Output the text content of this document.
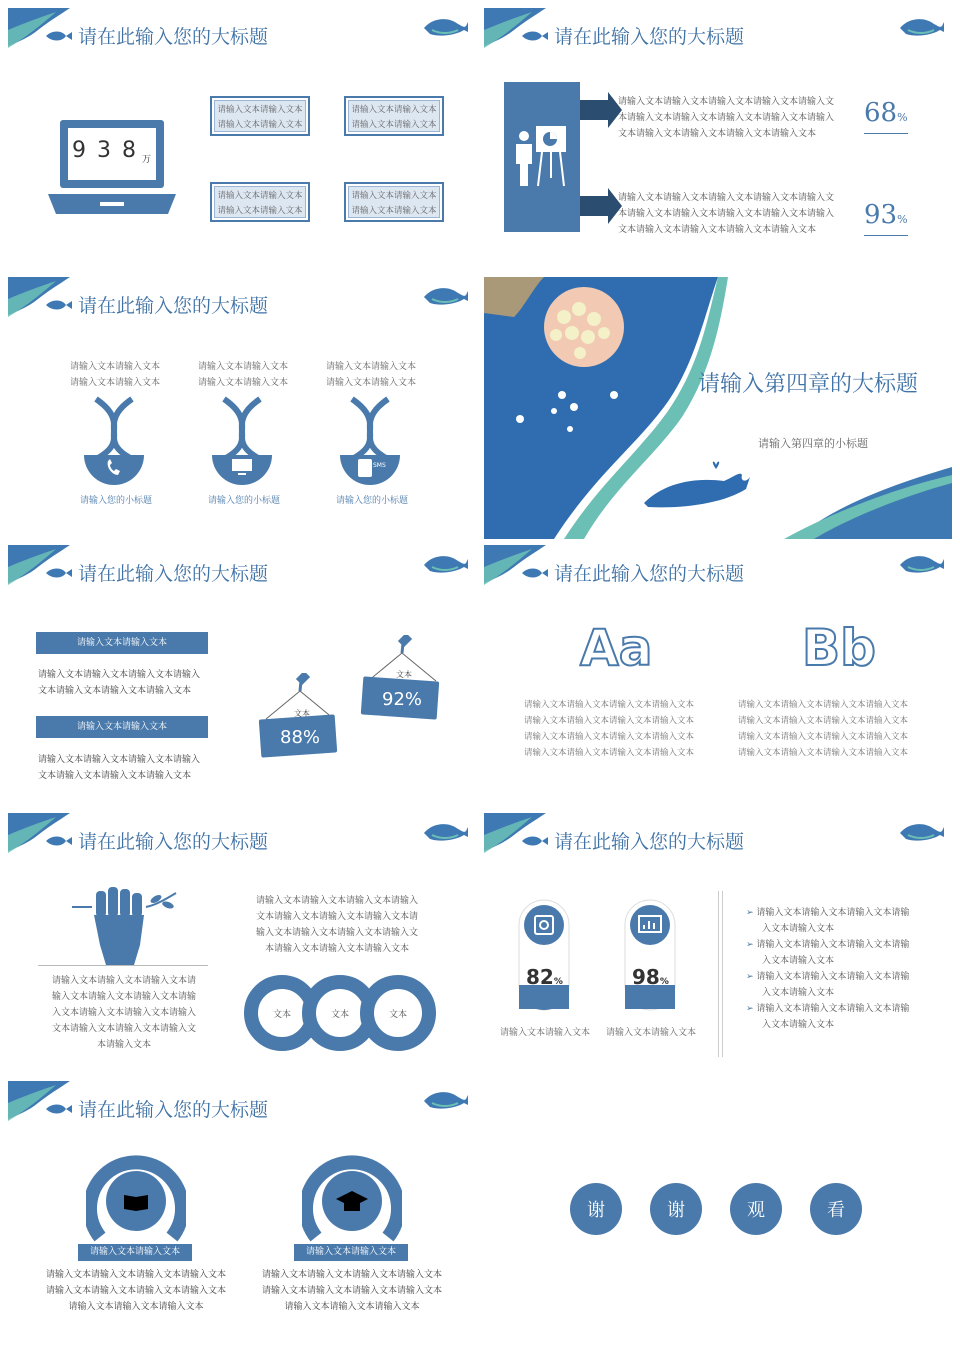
请在此输入您的大标题
9 3 8 万
请输入文本请输入文本
请输入文本请输入文本
请输入文本请输入文本
请输入文本请输入文本
请输入文本请输入文本
请输入文本请输入文本
请输入文本请输入文本
请输入文本请输入文本
请在此输入您的大标题
请输入文本请输入文本请输入文本请输入文本请输入文
本请输入文本请输入文本请输入文本请输入文本请输入
文本请输入文本请输入文本请输入文本请输入文本
请输入文本请输入文本请输入文本请输入文本请输入文
本请输入文本请输入文本请输入文本请输入文本请输入
文本请输入文本请输入文本请输入文本请输入文本
68%
93%
请在此输入您的大标题
请输入文本请输入文本
请输入文本请输入文本
请输入您的小标题
请输入文本请输入文本
请输入文本请输入文本
请输入您的小标题
请输入文本请输入文本
请输入文本请输入文本
SMS
请输入您的小标题
请输入第四章的大标题
请输入第四章的小标题
请在此输入您的大标题
请输入文本请输入文本
请输入文本请输入文本请输入文本请输入
文本请输入文本请输入文本请输入文本
请输入文本请输入文本
请输入文本请输入文本请输入文本请输入
文本请输入文本请输入文本请输入文本
文本
88%
文本
92%
请在此输入您的大标题
Aa	Bb
请输入文本请输入文本请输入文本请输入文本
请输入文本请输入文本请输入文本请输入文本
请输入文本请输入文本请输入文本请输入文本
请输入文本请输入文本请输入文本请输入文本
请输入文本请输入文本请输入文本请输入文本
请输入文本请输入文本请输入文本请输入文本
请输入文本请输入文本请输入文本请输入文本
请输入文本请输入文本请输入文本请输入文本
请在此输入您的大标题
请输入文本请输入文本请输入文本请
输入文本请输入文本请输入文本请输
入文本请输入文本请输入文本请输入
文本请输入文本请输入文本请输入文
本请输入文本
请输入文本请输入文本请输入文本请输入
文本请输入文本请输入文本请输入文本请
输入文本请输入文本请输入文本请输入文
本请输入文本请输入文本请输入文本
文本	文本	文本
请在此输入您的大标题
82%	98%
请输入文本请输入文本 请输入文本请输入文本
➢ 请输入文本请输入文本请输入文本请输
入文本请输入文本
➢ 请输入文本请输入文本请输入文本请输
入文本请输入文本
➢ 请输入文本请输入文本请输入文本请输
入文本请输入文本
➢ 请输入文本请输入文本请输入文本请输
入文本请输入文本
请在此输入您的大标题
请输入文本请输入文本
请输入文本请输入文本请输入文本请输入文本
请输入文本请输入文本请输入文本请输入文本
请输入文本请输入文本请输入文本
请输入文本请输入文本
请输入文本请输入文本请输入文本请输入文本
请输入文本请输入文本请输入文本请输入文本
请输入文本请输入文本请输入文本
谢	谢	观	看
